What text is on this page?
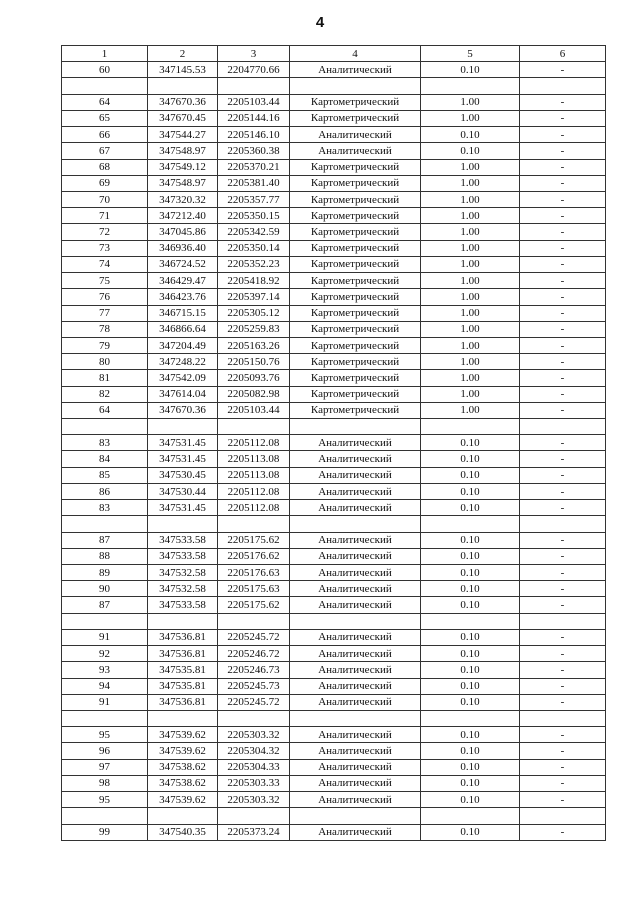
4
1	2	3	4	5	6
60	347145.53	2204770.66	Аналитический	0.10	-

64	347670.36	2205103.44	Картометрический	1.00	-
65	347670.45	2205144.16	Картометрический	1.00	-
66	347544.27	2205146.10	Аналитический	0.10	-
67	347548.97	2205360.38	Аналитический	0.10	-
68	347549.12	2205370.21	Картометрический	1.00	-
69	347548.97	2205381.40	Картометрический	1.00	-
70	347320.32	2205357.77	Картометрический	1.00	-
71	347212.40	2205350.15	Картометрический	1.00	-
72	347045.86	2205342.59	Картометрический	1.00	-
73	346936.40	2205350.14	Картометрический	1.00	-
74	346724.52	2205352.23	Картометрический	1.00	-
75	346429.47	2205418.92	Картометрический	1.00	-
76	346423.76	2205397.14	Картометрический	1.00	-
77	346715.15	2205305.12	Картометрический	1.00	-
78	346866.64	2205259.83	Картометрический	1.00	-
79	347204.49	2205163.26	Картометрический	1.00	-
80	347248.22	2205150.76	Картометрический	1.00	-
81	347542.09	2205093.76	Картометрический	1.00	-
82	347614.04	2205082.98	Картометрический	1.00	-
64	347670.36	2205103.44	Картометрический	1.00	-

83	347531.45	2205112.08	Аналитический	0.10	-
84	347531.45	2205113.08	Аналитический	0.10	-
85	347530.45	2205113.08	Аналитический	0.10	-
86	347530.44	2205112.08	Аналитический	0.10	-
83	347531.45	2205112.08	Аналитический	0.10	-

87	347533.58	2205175.62	Аналитический	0.10	-
88	347533.58	2205176.62	Аналитический	0.10	-
89	347532.58	2205176.63	Аналитический	0.10	-
90	347532.58	2205175.63	Аналитический	0.10	-
87	347533.58	2205175.62	Аналитический	0.10	-

91	347536.81	2205245.72	Аналитический	0.10	-
92	347536.81	2205246.72	Аналитический	0.10	-
93	347535.81	2205246.73	Аналитический	0.10	-
94	347535.81	2205245.73	Аналитический	0.10	-
91	347536.81	2205245.72	Аналитический	0.10	-

95	347539.62	2205303.32	Аналитический	0.10	-
96	347539.62	2205304.32	Аналитический	0.10	-
97	347538.62	2205304.33	Аналитический	0.10	-
98	347538.62	2205303.33	Аналитический	0.10	-
95	347539.62	2205303.32	Аналитический	0.10	-

99	347540.35	2205373.24	Аналитический	0.10	-
